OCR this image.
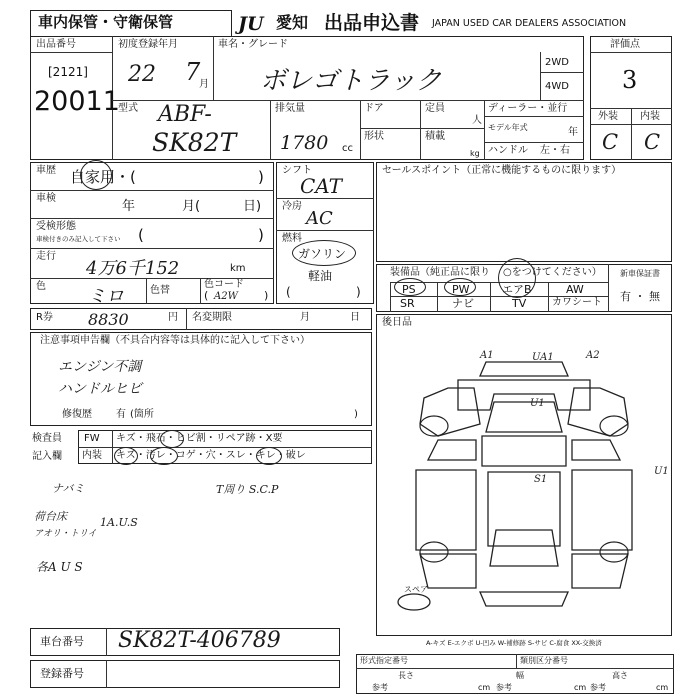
車内保管・守衛保管	JU 愛知 出品申込書 JAPAN USED CAR DEALERS ASSOCIATION
出品番号
[2121]
20011
初度登録年月
22 7
月
車名・グレード
ボレゴトラック
2WD
4WD
型式 ABF-
SK82T
排気量
1780 cc
ドア	定員
人
形状	積載
kg
ディーラー・並行
モデル年式	年
ハンドル 左・右
評価点
3
外装 内装
C C
車歴 自家用・(	)
車検
年	月(	日)
受検形態
車検付きのみ記入して下さい (	)
走行
4万6千152	km
色 ミロ	色替
色コード
( A2W )
シフト
CAT
冷房
AC
燃料
ガソリン
軽油
(	)
セールスポイント（正常に機能するものに限ります）
装備品（純正品に限り ○をつけてください） 新車保証書
有 ・ 無
PS	PW	エアB	AW
SR	ナビ	TV	カワシート
R券 8830	円 名変期限	月	日
注意事項申告欄（不具合内容等は具体的に記入して下さい）
エンジン不調
ハンドルヒビ
修復歴 有 (箇所	)
後日品
検査員
記入欄
FW キズ・飛石・ヒビ割・リペア跡・X要
内装 キズ・汚レ・コゲ・穴・スレ・キレ・破レ
ナバミ	T周り S.C.P
荷台床
アオリ・トリイ
1A.U.S
各A U S
A1	UA1	A2
U1
S1
U1
スペア
A-キズ E-エクボ U-凹み W-補修跡 S-サビ C-腐食 XX-交換済
車台番号 SK82T-406789
登録番号
形式指定番号	類別区分番号
参考
長さ
cm 参考
幅
cm 参考
高さ
cm
